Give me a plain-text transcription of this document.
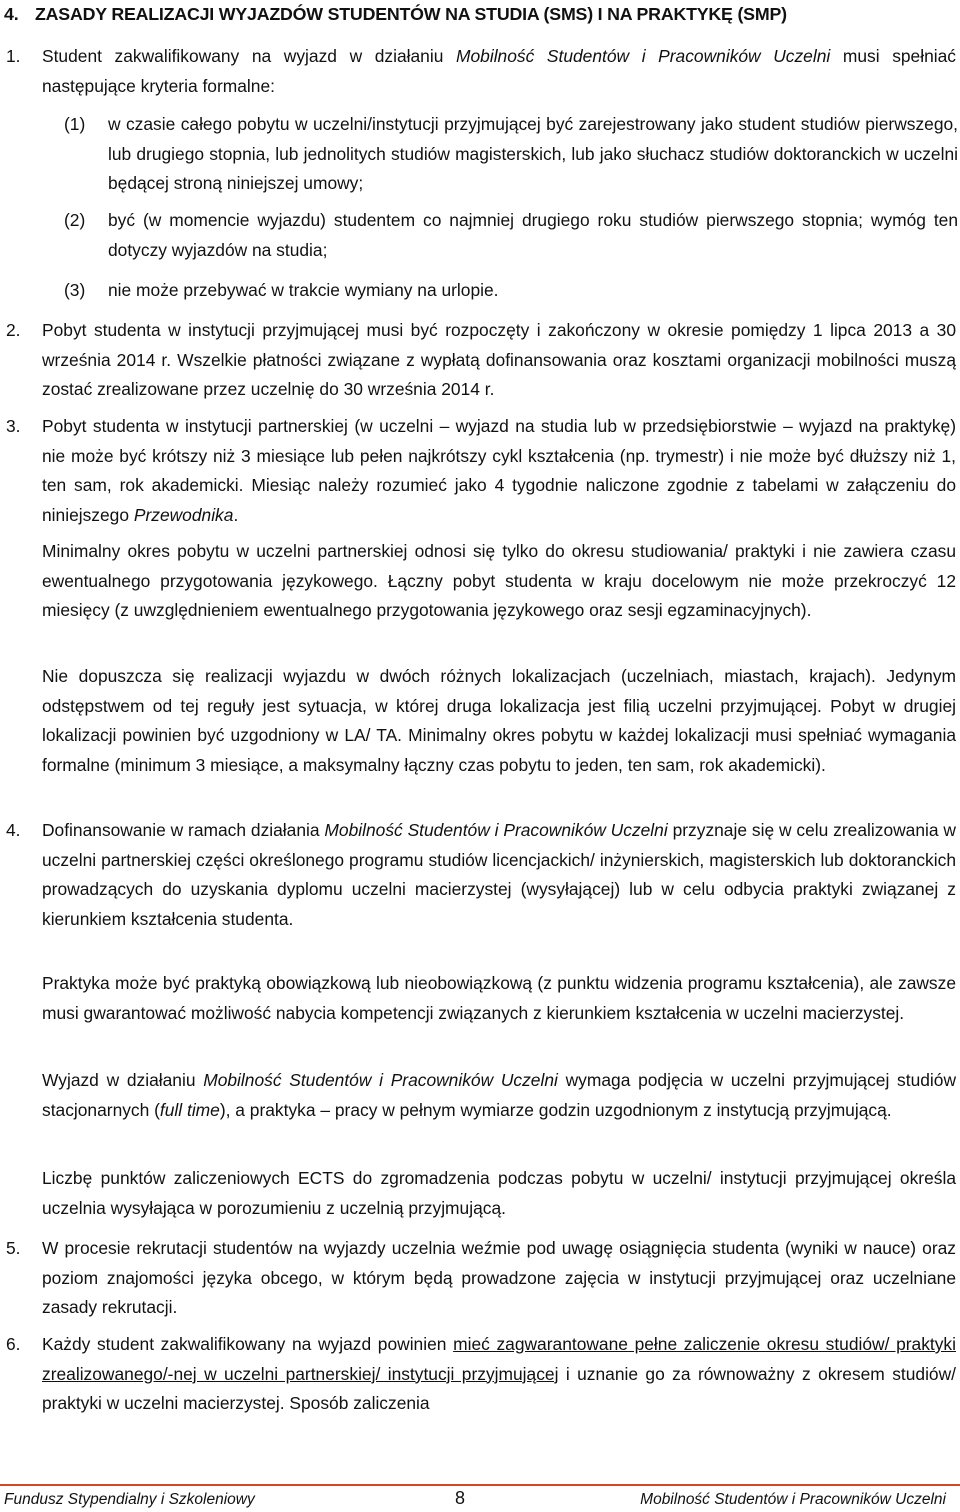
4. ZASADY REALIZACJI WYJAZDÓW STUDENTÓW NA STUDIA (SMS) I NA PRAKTYKĘ (SMP)
1. Student zakwalifikowany na wyjazd w działaniu Mobilność Studentów i Pracowników Uczelni musi spełniać następujące kryteria formalne:
(1) w czasie całego pobytu w uczelni/instytucji przyjmującej być zarejestrowany jako student studiów pierwszego, lub drugiego stopnia, lub jednolitych studiów magisterskich, lub jako słuchacz studiów doktoranckich w uczelni będącej stroną niniejszej umowy;
(2) być (w momencie wyjazdu) studentem co najmniej drugiego roku studiów pierwszego stopnia; wymóg ten dotyczy wyjazdów na studia;
(3) nie może przebywać w trakcie wymiany na urlopie.
2. Pobyt studenta w instytucji przyjmującej musi być rozpoczęty i zakończony w okresie pomiędzy 1 lipca 2013 a 30 września 2014 r. Wszelkie płatności związane z wypłatą dofinansowania oraz kosztami organizacji mobilności muszą zostać zrealizowane przez uczelnię do 30 września 2014 r.
3. Pobyt studenta w instytucji partnerskiej (w uczelni – wyjazd na studia lub w przedsiębiorstwie – wyjazd na praktykę) nie może być krótszy niż 3 miesiące lub pełen najkrótszy cykl kształcenia (np. trymestr) i nie może być dłuższy niż 1, ten sam, rok akademicki. Miesiąc należy rozumieć jako 4 tygodnie naliczone zgodnie z tabelami w załączeniu do niniejszego Przewodnika.
Minimalny okres pobytu w uczelni partnerskiej odnosi się tylko do okresu studiowania/ praktyki i nie zawiera czasu ewentualnego przygotowania językowego. Łączny pobyt studenta w kraju docelowym nie może przekroczyć 12 miesięcy (z uwzględnieniem ewentualnego przygotowania językowego oraz sesji egzaminacyjnych).
Nie dopuszcza się realizacji wyjazdu w dwóch różnych lokalizacjach (uczelniach, miastach, krajach). Jedynym odstępstwem od tej reguły jest sytuacja, w której druga lokalizacja jest filią uczelni przyjmującej. Pobyt w drugiej lokalizacji powinien być uzgodniony w LA/ TA. Minimalny okres pobytu w każdej lokalizacji musi spełniać wymagania formalne (minimum 3 miesiące, a maksymalny łączny czas pobytu to jeden, ten sam, rok akademicki).
4. Dofinansowanie w ramach działania Mobilność Studentów i Pracowników Uczelni przyznaje się w celu zrealizowania w uczelni partnerskiej części określonego programu studiów licencjackich/ inżynierskich, magisterskich lub doktoranckich prowadzących do uzyskania dyplomu uczelni macierzystej (wysyłającej) lub w celu odbycia praktyki związanej z kierunkiem kształcenia studenta.
Praktyka może być praktyką obowiązkową lub nieobowiązkową (z punktu widzenia programu kształcenia), ale zawsze musi gwarantować możliwość nabycia kompetencji związanych z kierunkiem kształcenia w uczelni macierzystej.
Wyjazd w działaniu Mobilność Studentów i Pracowników Uczelni wymaga podjęcia w uczelni przyjmującej studiów stacjonarnych (full time), a praktyka – pracy w pełnym wymiarze godzin uzgodnionym z instytucją przyjmującą.
Liczbę punktów zaliczeniowych ECTS do zgromadzenia podczas pobytu w uczelni/ instytucji przyjmującej określa uczelnia wysyłająca w porozumieniu z uczelnią przyjmującą.
5. W procesie rekrutacji studentów na wyjazdy uczelnia weźmie pod uwagę osiągnięcia studenta (wyniki w nauce) oraz poziom znajomości języka obcego, w którym będą prowadzone zajęcia w instytucji przyjmującej oraz uczelniane zasady rekrutacji.
6. Każdy student zakwalifikowany na wyjazd powinien mieć zagwarantowane pełne zaliczenie okresu studiów/ praktyki zrealizowanego/-nej w uczelni partnerskiej/ instytucji przyjmującej i uznanie go za równoważny z okresem studiów/ praktyki w uczelni macierzystej. Sposób zaliczenia
Fundusz Stypendialny i Szkoleniowy	8	Mobilność Studentów i Pracowników Uczelni
